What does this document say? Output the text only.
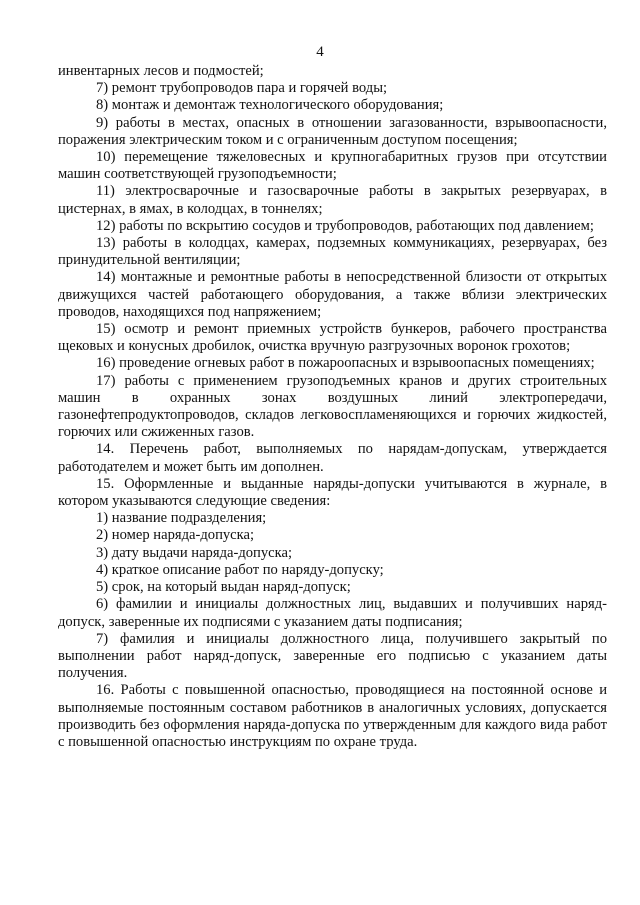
4

инвентарных лесов и подмостей;

7) ремонт трубопроводов пара и горячей воды;

8) монтаж и демонтаж технологического оборудования;

9) работы в местах, опасных в отношении загазованности, взрывоопасности, поражения электрическим током и с ограниченным доступом посещения;

10) перемещение тяжеловесных и крупногабаритных грузов при отсутствии машин соответствующей грузоподъемности;

11) электросварочные и газосварочные работы в закрытых резервуарах, в цистернах, в ямах, в колодцах, в тоннелях;

12) работы по вскрытию сосудов и трубопроводов, работающих под давлением;

13) работы в колодцах, камерах, подземных коммуникациях, резервуарах, без принудительной вентиляции;

14) монтажные и ремонтные работы в непосредственной близости от открытых движущихся частей работающего оборудования, а также вблизи электрических проводов, находящихся под напряжением;

15) осмотр и ремонт приемных устройств бункеров, рабочего пространства щековых и конусных дробилок, очистка вручную разгрузочных воронок грохотов;

16) проведение огневых работ в пожароопасных и взрывоопасных помещениях;

17) работы с применением грузоподъемных кранов и других строительных машин в охранных зонах воздушных линий электропередачи, газонефтепродуктопроводов, складов легковоспламеняющихся и горючих жидкостей, горючих или сжиженных газов.

14. Перечень работ, выполняемых по нарядам-допускам, утверждается работодателем и может быть им дополнен.

15. Оформленные и выданные наряды-допуски учитываются в журнале, в котором указываются следующие сведения:

1) название подразделения;

2) номер наряда-допуска;

3) дату выдачи наряда-допуска;

4) краткое описание работ по наряду-допуску;

5) срок, на который выдан наряд-допуск;

6) фамилии и инициалы должностных лиц, выдавших и получивших наряд-допуск, заверенные их подписями с указанием даты подписания;

7) фамилия и инициалы должностного лица, получившего закрытый по выполнении работ наряд-допуск, заверенные его подписью с указанием даты получения.

16. Работы с повышенной опасностью, проводящиеся на постоянной основе и выполняемые постоянным составом работников в аналогичных условиях, допускается производить без оформления наряда-допуска по утвержденным для каждого вида работ с повышенной опасностью инструкциям по охране труда.
